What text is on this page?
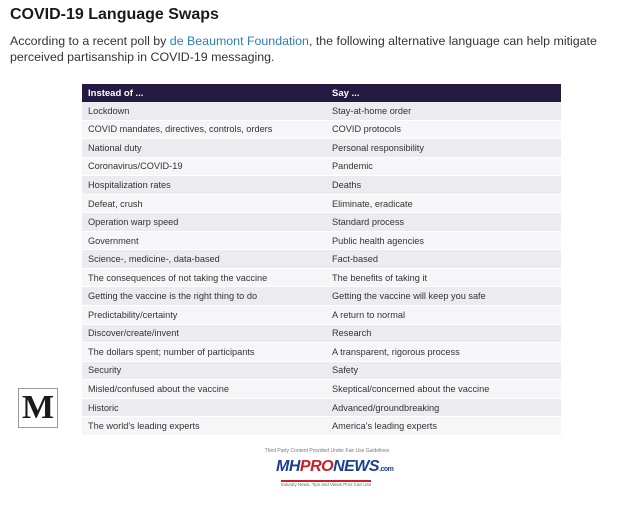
COVID-19 Language Swaps
According to a recent poll by de Beaumont Foundation, the following alternative language can help mitigate perceived partisanship in COVID-19 messaging.
Instead of ...	Say ...
Lockdown	Stay-at-home order
COVID mandates, directives, controls, orders	COVID protocols
National duty	Personal responsibility
Coronavirus/COVID-19	Pandemic
Hospitalization rates	Deaths
Defeat, crush	Eliminate, eradicate
Operation warp speed	Standard process
Government	Public health agencies
Science-, medicine-, data-based	Fact-based
The consequences of not taking the vaccine	The benefits of taking it
Getting the vaccine is the right thing to do	Getting the vaccine will keep you safe
Predictability/certainty	A return to normal
Discover/create/invent	Research
The dollars spent; number of participants	A transparent, rigorous process
Security	Safety
Misled/confused about the vaccine	Skeptical/concerned about the vaccine
Historic	Advanced/groundbreaking
The world's leading experts	America's leading experts
M
Third Party Content Provided Under Fair Use Guidelines
MHPRONEWS.com
Industry News, Tips and Views Pros Can Use
